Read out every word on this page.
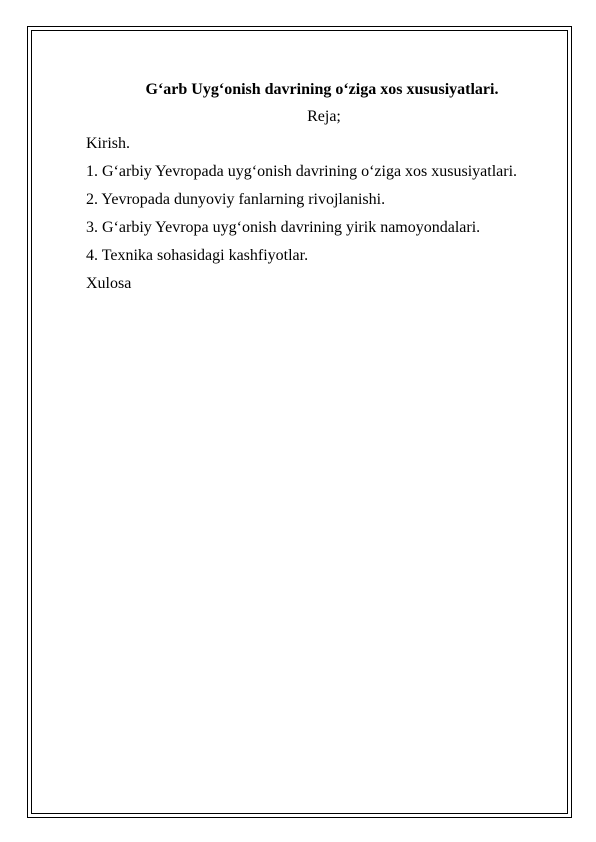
G‘arb Uyg‘onish davrining o‘ziga xos xususiyatlari.

Reja;

Kirish.
1. G‘arbiy Yevropada uyg‘onish davrining o‘ziga xos xususiyatlari.
2. Yevropada dunyoviy fanlarning rivojlanishi.
3. G‘arbiy Yevropa uyg‘onish davrining yirik namoyondalari.
4. Texnika sohasidagi kashfiyotlar.
Xulosa
